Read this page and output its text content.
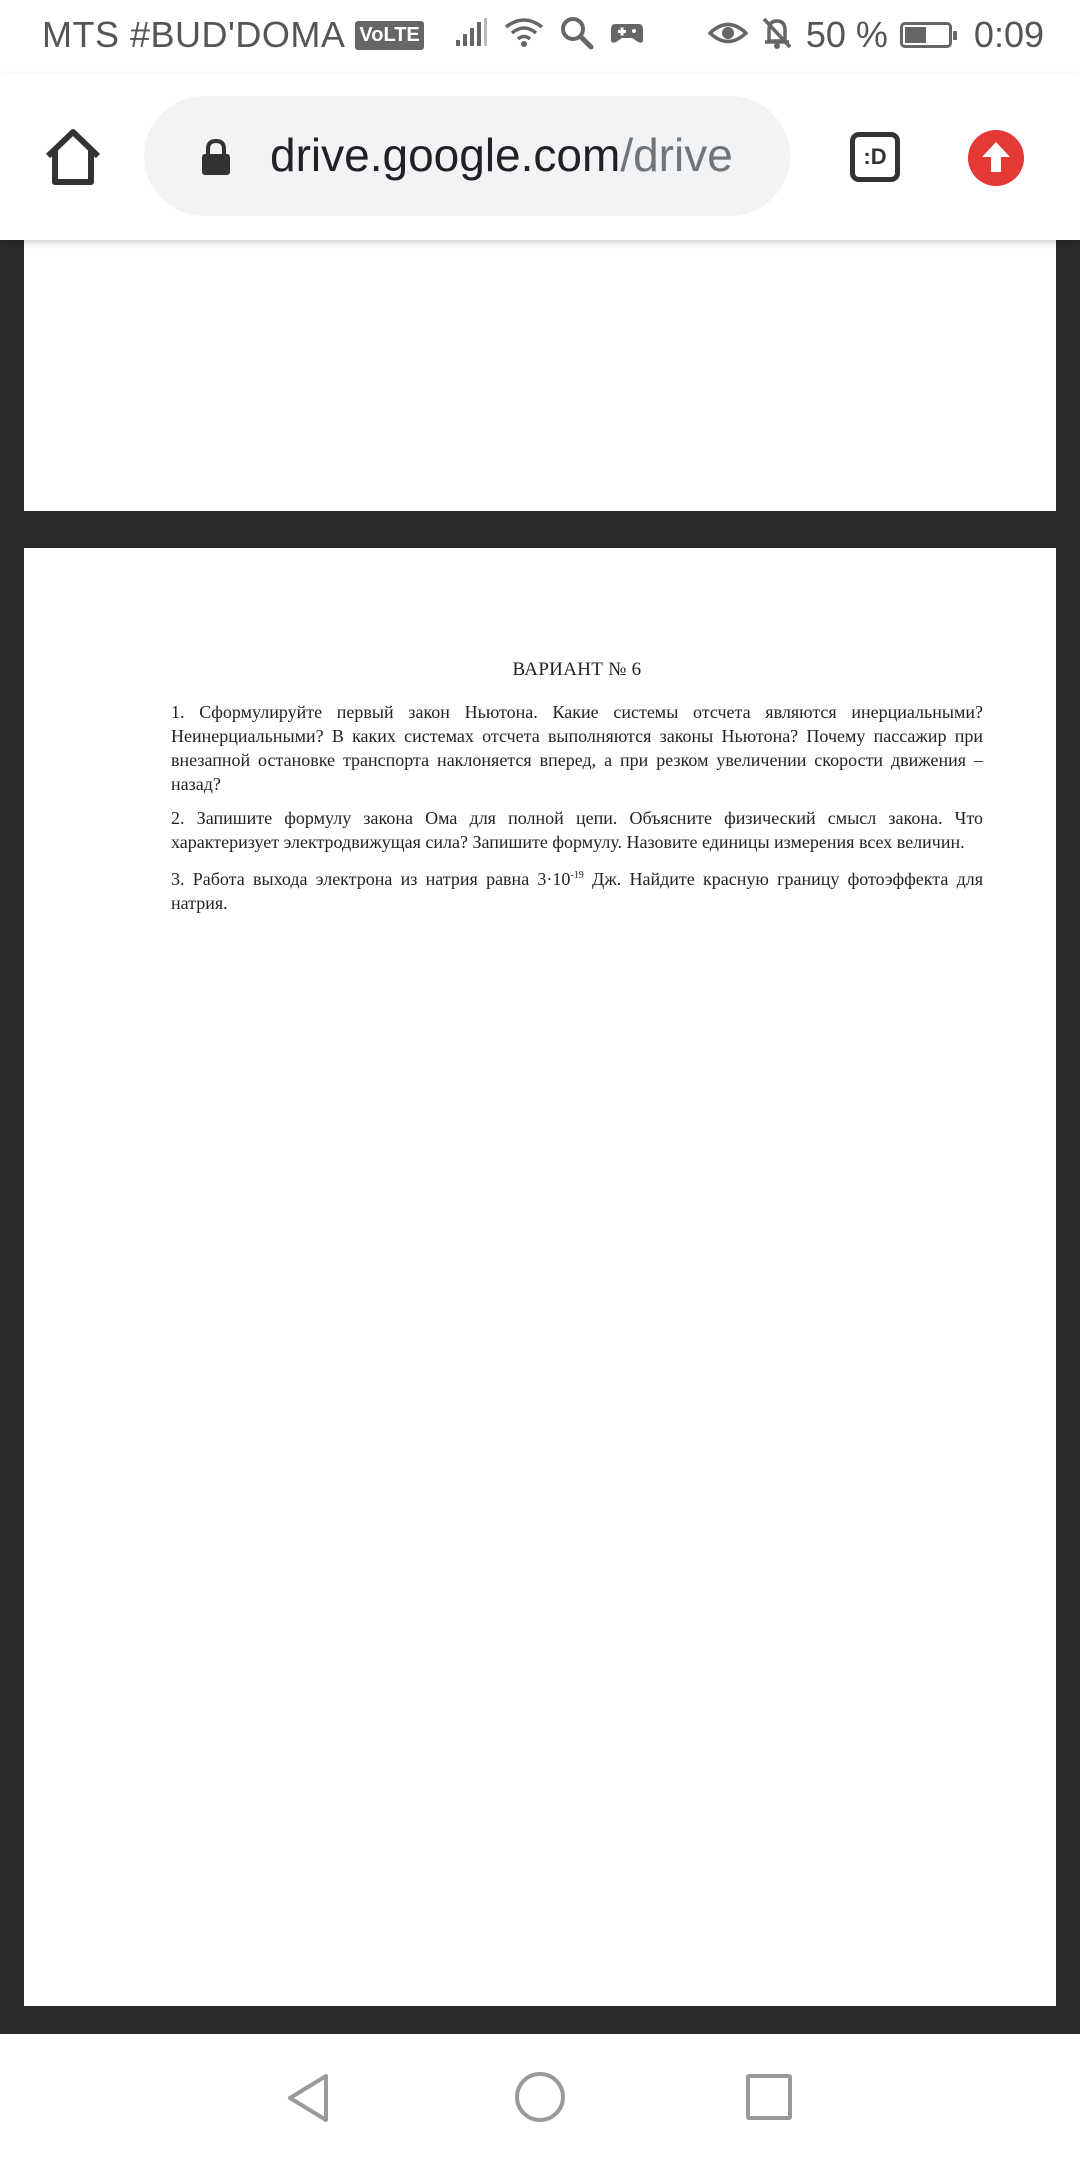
MTS #BUD'DOMA VoLTE	50 % 0:09
drive.google.com/drive	:D
ВАРИАНТ № 6

1. Сформулируйте первый закон Ньютона. Какие системы отсчета являются инерциальными? Неинерциальными? В каких системах отсчета выполняются законы Ньютона? Почему пассажир при внезапной остановке транспорта наклоняется вперед, а при резком увеличении скорости движения – назад?

2. Запишите формулу закона Ома для полной цепи. Объясните физический смысл закона. Что характеризует электродвижущая сила? Запишите формулу. Назовите единицы измерения всех величин.

3. Работа выхода электрона из натрия равна $3\cdot 10^{-19}$ Дж. Найдите красную границу фотоэффекта для натрия.
